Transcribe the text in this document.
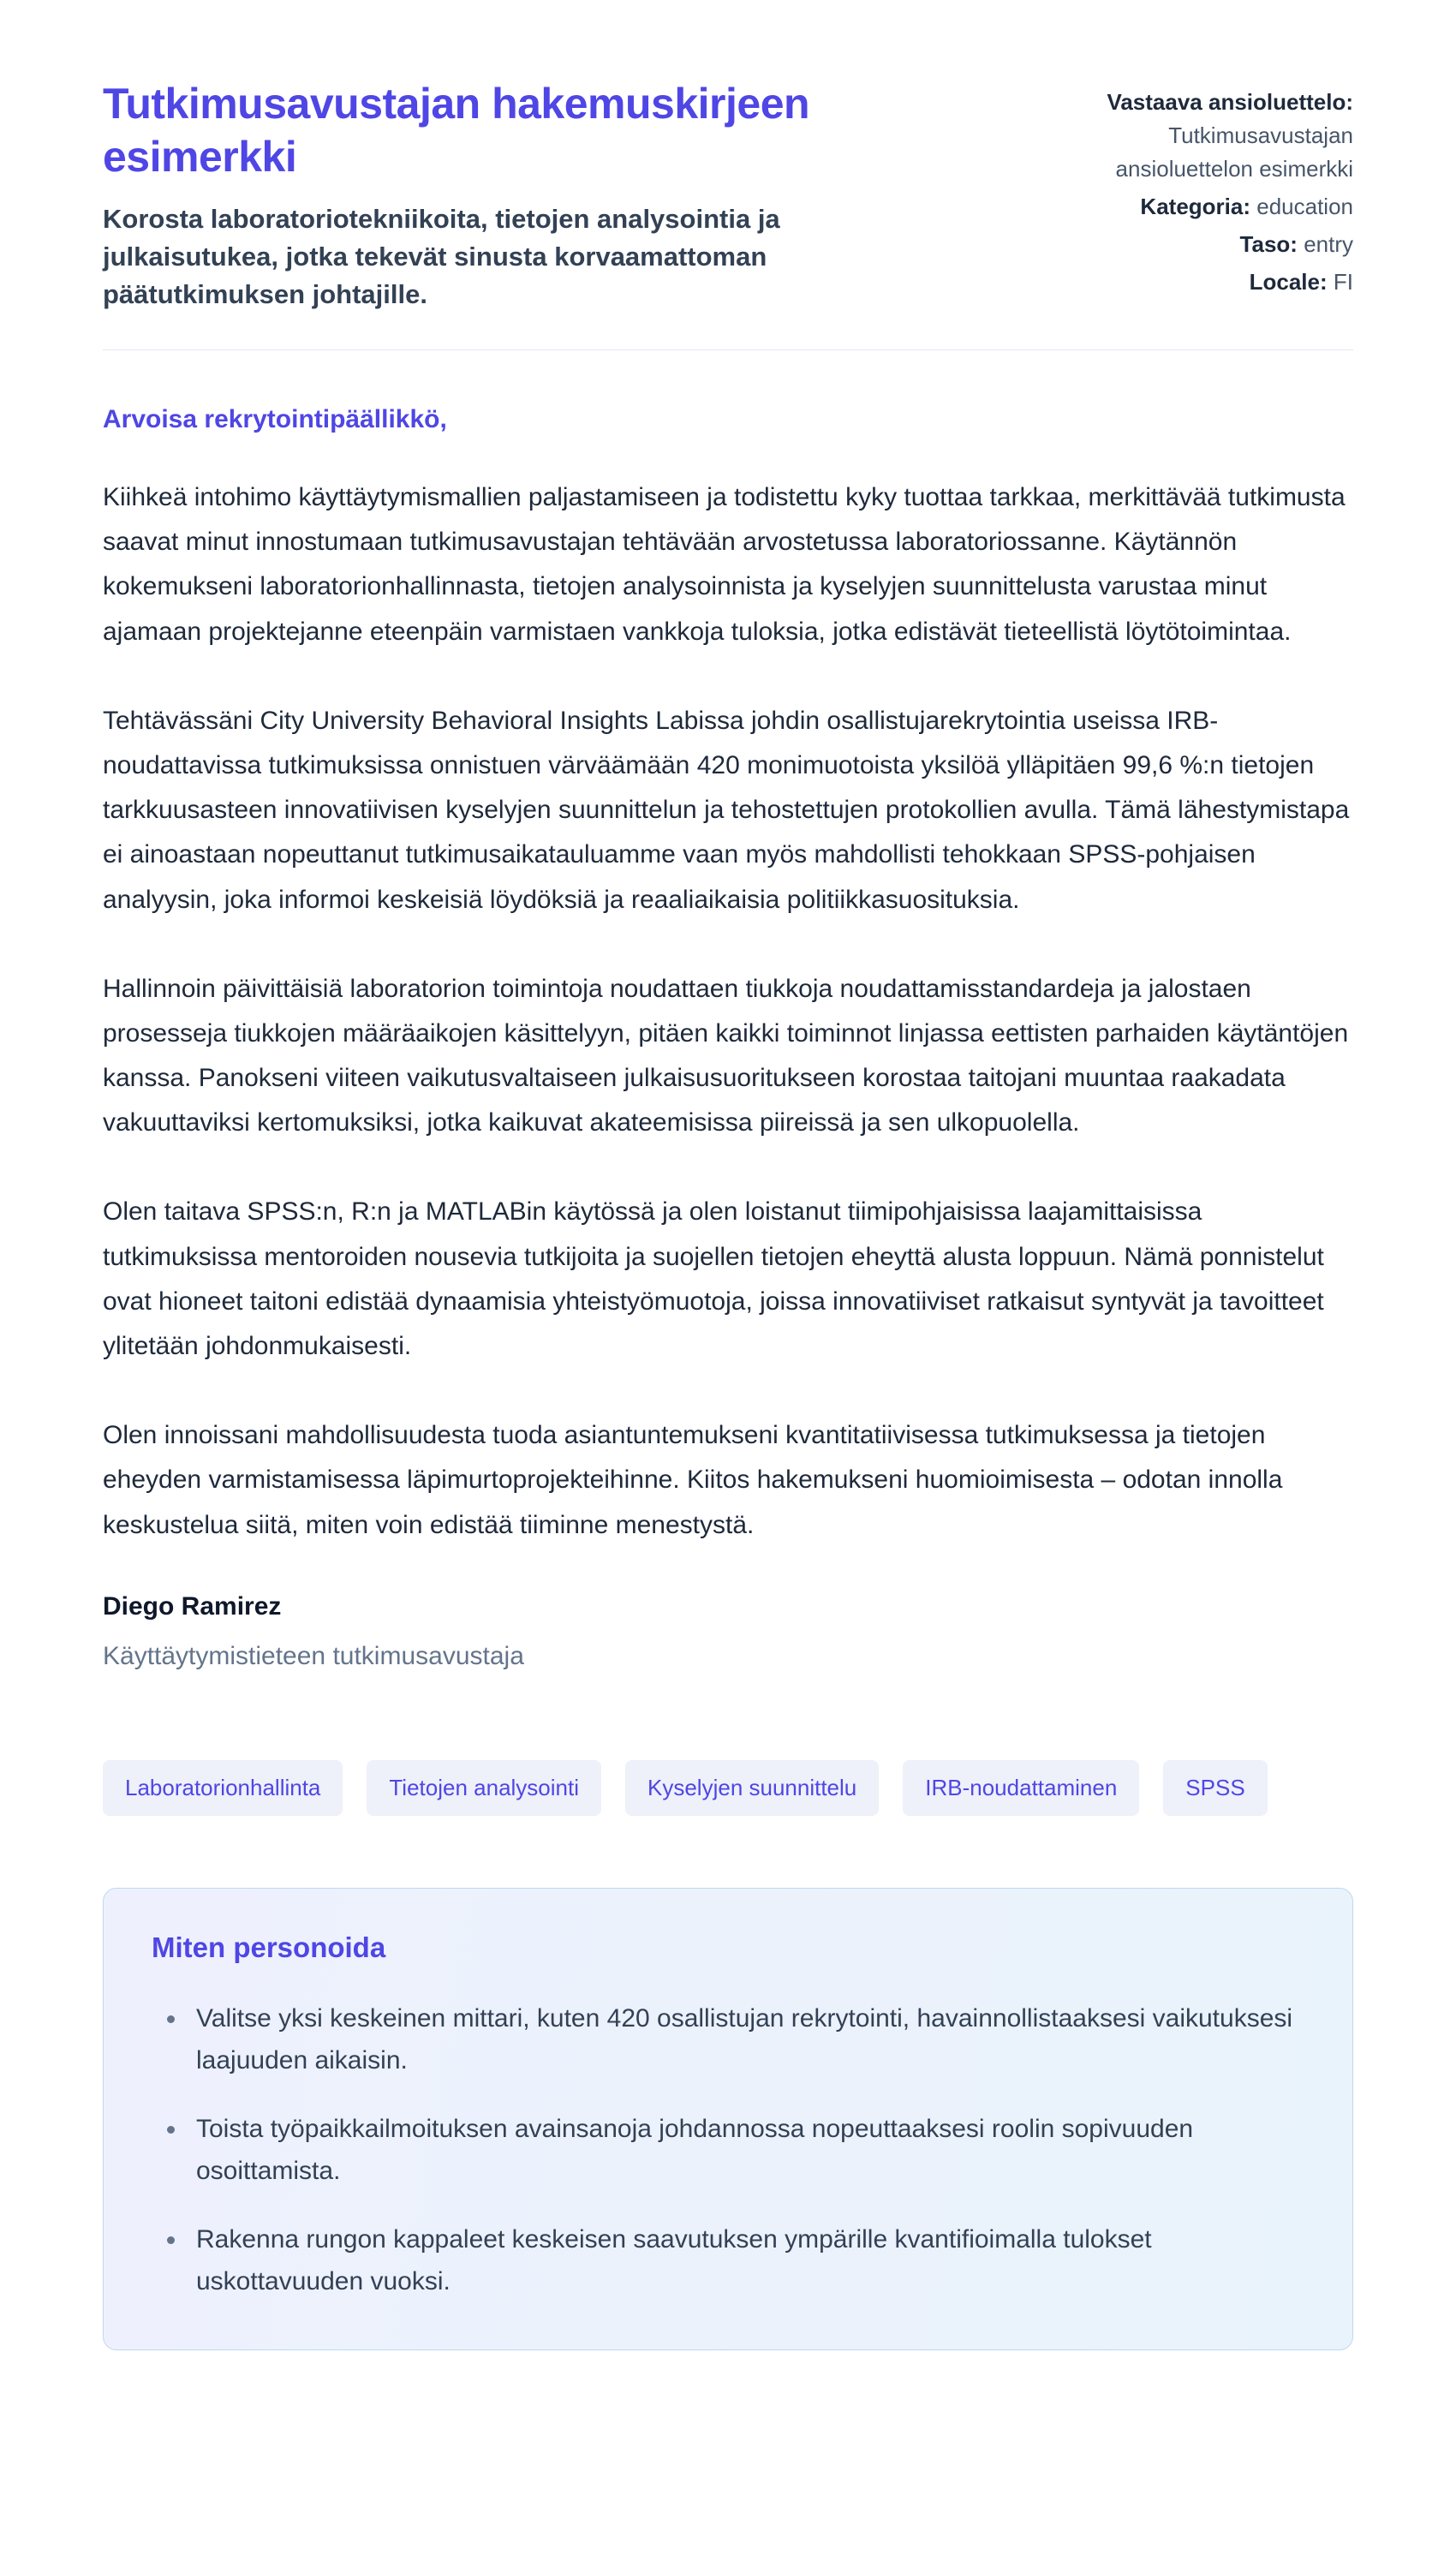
Tutkimusavustajan hakemuskirjeen esimerkki

Korosta laboratoriotekniikoita, tietojen analysointia ja julkaisutukea, jotka tekevät sinusta korvaamattoman päätutkimuksen johtajille.

Vastaava ansioluettelo: Tutkimusavustajan ansioluettelon esimerkki
Kategoria: education
Taso: entry
Locale: FI

Arvoisa rekrytointipäällikkö,

Kiihkeä intohimo käyttäytymismallien paljastamiseen ja todistettu kyky tuottaa tarkkaa, merkittävää tutkimusta saavat minut innostumaan tutkimusavustajan tehtävään arvostetussa laboratoriossanne. Käytännön kokemukseni laboratorionhallinnasta, tietojen analysoinnista ja kyselyjen suunnittelusta varustaa minut ajamaan projektejanne eteenpäin varmistaen vankkoja tuloksia, jotka edistävät tieteellistä löytötoimintaa.

Tehtävässäni City University Behavioral Insights Labissa johdin osallistujarekrytointia useissa IRB-noudattavissa tutkimuksissa onnistuen värväämään 420 monimuotoista yksilöä ylläpitäen 99,6 %:n tietojen tarkkuusasteen innovatiivisen kyselyjen suunnittelun ja tehostettujen protokollien avulla. Tämä lähestymistapa ei ainoastaan nopeuttanut tutkimusaikatauluamme vaan myös mahdollisti tehokkaan SPSS-pohjaisen analyysin, joka informoi keskeisiä löydöksiä ja reaaliaikaisia politiikkasuosituksia.

Hallinnoin päivittäisiä laboratorion toimintoja noudattaen tiukkoja noudattamisstandardeja ja jalostaen prosesseja tiukkojen määräaikojen käsittelyyn, pitäen kaikki toiminnot linjassa eettisten parhaiden käytäntöjen kanssa. Panokseni viiteen vaikutusvaltaiseen julkaisusuoritukseen korostaa taitojani muuntaa raakadata vakuuttaviksi kertomuksiksi, jotka kaikuvat akateemisissa piireissä ja sen ulkopuolella.

Olen taitava SPSS:n, R:n ja MATLABin käytössä ja olen loistanut tiimipohjaisissa laajamittaisissa tutkimuksissa mentoroiden nousevia tutkijoita ja suojellen tietojen eheyttä alusta loppuun. Nämä ponnistelut ovat hioneet taitoni edistää dynaamisia yhteistyömuotoja, joissa innovatiiviset ratkaisut syntyvät ja tavoitteet ylitetään johdonmukaisesti.

Olen innoissani mahdollisuudesta tuoda asiantuntemukseni kvantitatiivisessa tutkimuksessa ja tietojen eheyden varmistamisessa läpimurtoprojekteihinne. Kiitos hakemukseni huomioimisesta – odotan innolla keskustelua siitä, miten voin edistää tiiminne menestystä.

Diego Ramirez

Käyttäytymistieteen tutkimusavustaja

Laboratorionhallinta	Tietojen analysointi	Kyselyjen suunnittelu	IRB-noudattaminen	SPSS
Miten personoida
• Valitse yksi keskeinen mittari, kuten 420 osallistujan rekrytointi, havainnollistaaksesi vaikutuksesi laajuuden aikaisin.
• Toista työpaikkailmoituksen avainsanoja johdannossa nopeuttaaksesi roolin sopivuuden osoittamista.
• Rakenna rungon kappaleet keskeisen saavutuksen ympärille kvantifioimalla tulokset uskottavuuden vuoksi.
